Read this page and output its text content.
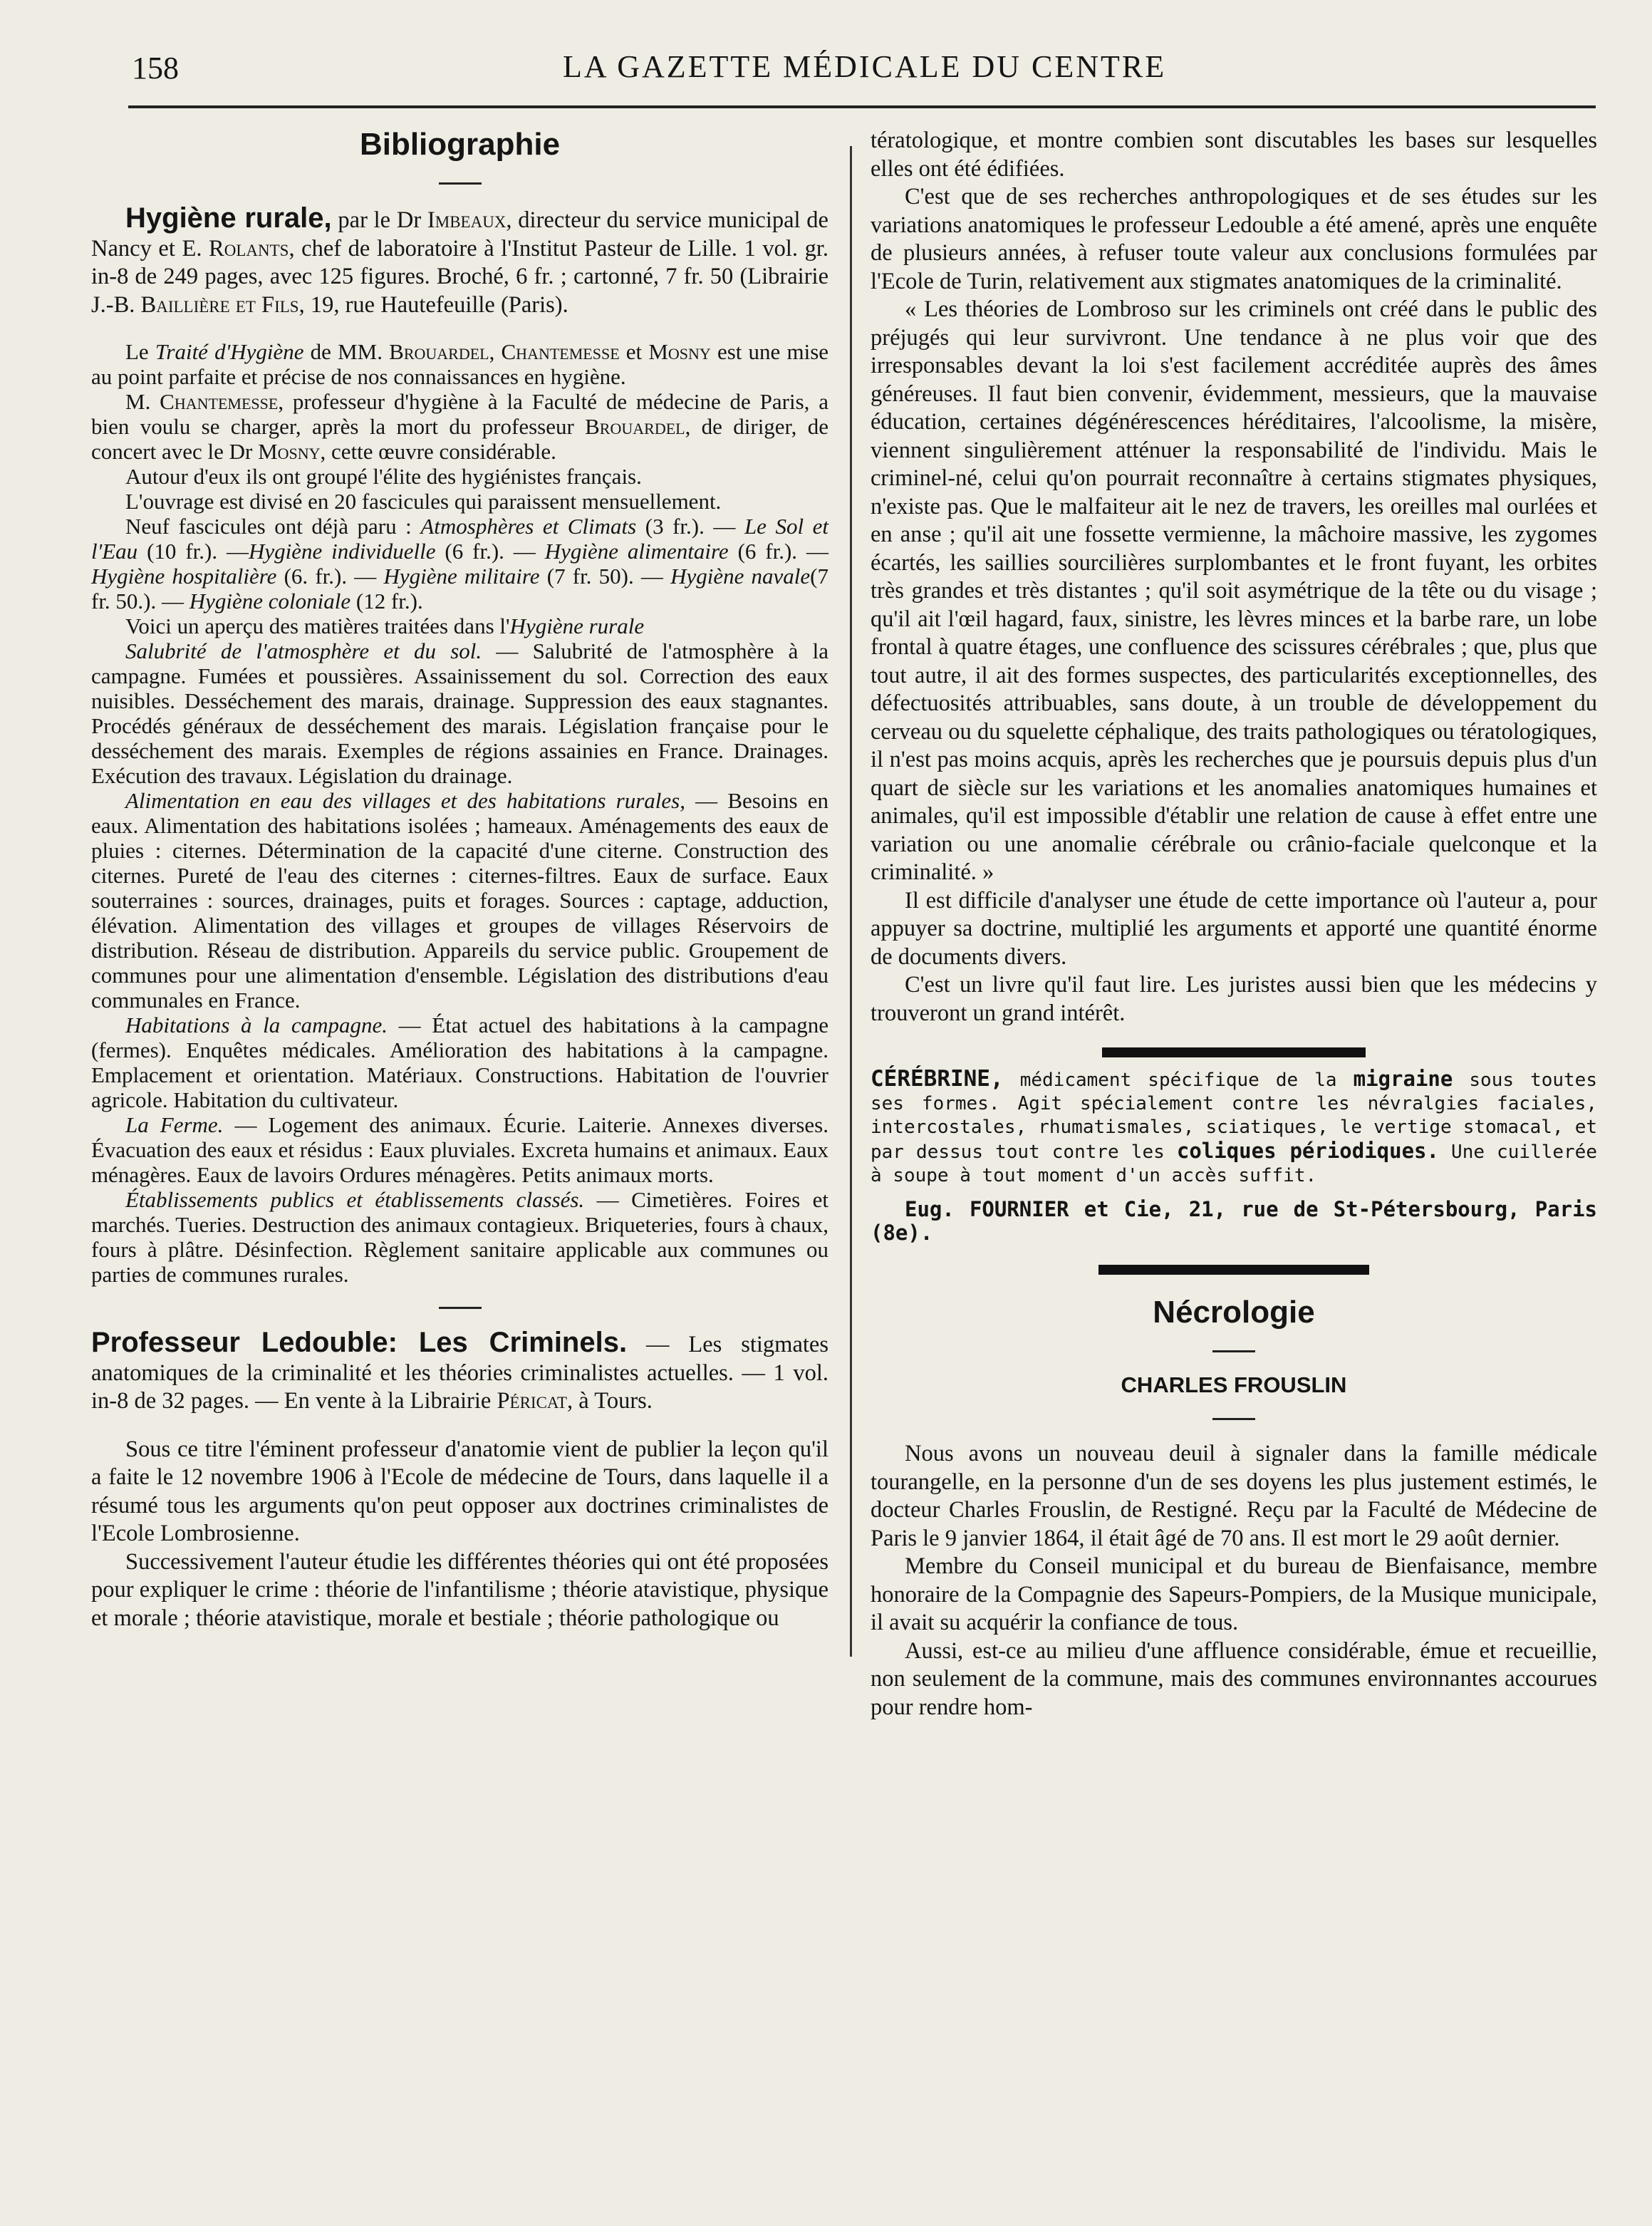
158	LA GAZETTE MÉDICALE DU CENTRE
Bibliographie

Hygiène rurale, par le Dr Imbeaux, directeur du service municipal de Nancy et E. Rolants, chef de laboratoire à l'Institut Pasteur de Lille. 1 vol. gr. in-8 de 249 pages, avec 125 figures. Broché, 6 fr. ; cartonné, 7 fr. 50 (Librairie J.-B. Baillière et Fils, 19, rue Hautefeuille (Paris).

Le Traité d'Hygiène de MM. Brouardel, Chantemesse et Mosny est une mise au point parfaite et précise de nos connaissances en hygiène.

M. Chantemesse, professeur d'hygiène à la Faculté de médecine de Paris, a bien voulu se charger, après la mort du professeur Brouardel, de diriger, de concert avec le Dr Mosny, cette œuvre considérable.

Autour d'eux ils ont groupé l'élite des hygiénistes français.

L'ouvrage est divisé en 20 fascicules qui paraissent mensuellement.

Neuf fascicules ont déjà paru : Atmosphères et Climats (3 fr.). — Le Sol et l'Eau (10 fr.). —Hygiène individuelle (6 fr.). — Hygiène alimentaire (6 fr.). — Hygiène hospitalière (6. fr.). — Hygiène militaire (7 fr. 50). — Hygiène navale(7 fr. 50.). — Hygiène coloniale (12 fr.).

Voici un aperçu des matières traitées dans l'Hygiène rurale

Salubrité de l'atmosphère et du sol. — Salubrité de l'atmosphère à la campagne. Fumées et poussières. Assainissement du sol. Correction des eaux nuisibles. Desséchement des marais, drainage. Suppression des eaux stagnantes. Procédés généraux de desséchement des marais. Législation française pour le desséchement des marais. Exemples de régions assainies en France. Drainages. Exécution des travaux. Législation du drainage.

Alimentation en eau des villages et des habitations rurales, — Besoins en eaux. Alimentation des habitations isolées ; hameaux. Aménagements des eaux de pluies : citernes. Détermination de la capacité d'une citerne. Construction des citernes. Pureté de l'eau des citernes : citernes-filtres. Eaux de surface. Eaux souterraines : sources, drainages, puits et forages. Sources : captage, adduction, élévation. Alimentation des villages et groupes de villages Réservoirs de distribution. Réseau de distribution. Appareils du service public. Groupement de communes pour une alimentation d'ensemble. Législation des distributions d'eau communales en France.

Habitations à la campagne. — État actuel des habitations à la campagne (fermes). Enquêtes médicales. Amélioration des habitations à la campagne. Emplacement et orientation. Matériaux. Constructions. Habitation de l'ouvrier agricole. Habitation du cultivateur.

La Ferme. — Logement des animaux. Écurie. Laiterie. Annexes diverses. Évacuation des eaux et résidus : Eaux pluviales. Excreta humains et animaux. Eaux ménagères. Eaux de lavoirs Ordures ménagères. Petits animaux morts.

Établissements publics et établissements classés. — Cimetières. Foires et marchés. Tueries. Destruction des animaux contagieux. Briqueteries, fours à chaux, fours à plâtre. Désinfection. Règlement sanitaire applicable aux communes ou parties de communes rurales.

Professeur Ledouble: Les Criminels. — Les stigmates anatomiques de la criminalité et les théories criminalistes actuelles. — 1 vol. in-8 de 32 pages. — En vente à la Librairie Péricat, à Tours.

Sous ce titre l'éminent professeur d'anatomie vient de publier la leçon qu'il a faite le 12 novembre 1906 à l'Ecole de médecine de Tours, dans laquelle il a résumé tous les arguments qu'on peut opposer aux doctrines criminalistes de l'Ecole Lombrosienne.

Successivement l'auteur étudie les différentes théories qui ont été proposées pour expliquer le crime : théorie de l'infantilisme ; théorie atavistique, physique et morale ; théorie atavistique, morale et bestiale ; théorie pathologique ou

tératologique, et montre combien sont discutables les bases sur lesquelles elles ont été édifiées.

C'est que de ses recherches anthropologiques et de ses études sur les variations anatomiques le professeur Ledouble a été amené, après une enquête de plusieurs années, à refuser toute valeur aux conclusions formulées par l'Ecole de Turin, relativement aux stigmates anatomiques de la criminalité.

« Les théories de Lombroso sur les criminels ont créé dans le public des préjugés qui leur survivront. Une tendance à ne plus voir que des irresponsables devant la loi s'est facilement accréditée auprès des âmes généreuses. Il faut bien convenir, évidemment, messieurs, que la mauvaise éducation, certaines dégénérescences héréditaires, l'alcoolisme, la misère, viennent singulièrement atténuer la responsabilité de l'individu. Mais le criminel-né, celui qu'on pourrait reconnaître à certains stigmates physiques, n'existe pas. Que le malfaiteur ait le nez de travers, les oreilles mal ourlées et en anse ; qu'il ait une fossette vermienne, la mâchoire massive, les zygomes écartés, les saillies sourcilières surplombantes et le front fuyant, les orbites très grandes et très distantes ; qu'il soit asymétrique de la tête ou du visage ; qu'il ait l'œil hagard, faux, sinistre, les lèvres minces et la barbe rare, un lobe frontal à quatre étages, une confluence des scissures cérébrales ; que, plus que tout autre, il ait des formes suspectes, des particularités exceptionnelles, des défectuosités attribuables, sans doute, à un trouble de développement du cerveau ou du squelette céphalique, des traits pathologiques ou tératologiques, il n'est pas moins acquis, après les recherches que je poursuis depuis plus d'un quart de siècle sur les variations et les anomalies anatomiques humaines et animales, qu'il est impossible d'établir une relation de cause à effet entre une variation ou une anomalie cérébrale ou crânio-faciale quelconque et la criminalité. »

Il est difficile d'analyser une étude de cette importance où l'auteur a, pour appuyer sa doctrine, multiplié les arguments et apporté une quantité énorme de documents divers.

C'est un livre qu'il faut lire. Les juristes aussi bien que les médecins y trouveront un grand intérêt.

CÉRÉBRINE, médicament spécifique de la migraine sous toutes ses formes. Agit spécialement contre les névralgies faciales, intercostales, rhumatismales, sciatiques, le vertige stomacal, et par dessus tout contre les coliques périodiques. Une cuillerée à soupe à tout moment d'un accès suffit.

Eug. FOURNIER et Cie, 21, rue de St-Pétersbourg, Paris (8e).

Nécrologie
CHARLES FROUSLIN

Nous avons un nouveau deuil à signaler dans la famille médicale tourangelle, en la personne d'un de ses doyens les plus justement estimés, le docteur Charles Frouslin, de Restigné. Reçu par la Faculté de Médecine de Paris le 9 janvier 1864, il était âgé de 70 ans. Il est mort le 29 août dernier.

Membre du Conseil municipal et du bureau de Bienfaisance, membre honoraire de la Compagnie des Sapeurs-Pompiers, de la Musique municipale, il avait su acquérir la confiance de tous.

Aussi, est-ce au milieu d'une affluence considérable, émue et recueillie, non seulement de la commune, mais des communes environnantes accourues pour rendre hom-
